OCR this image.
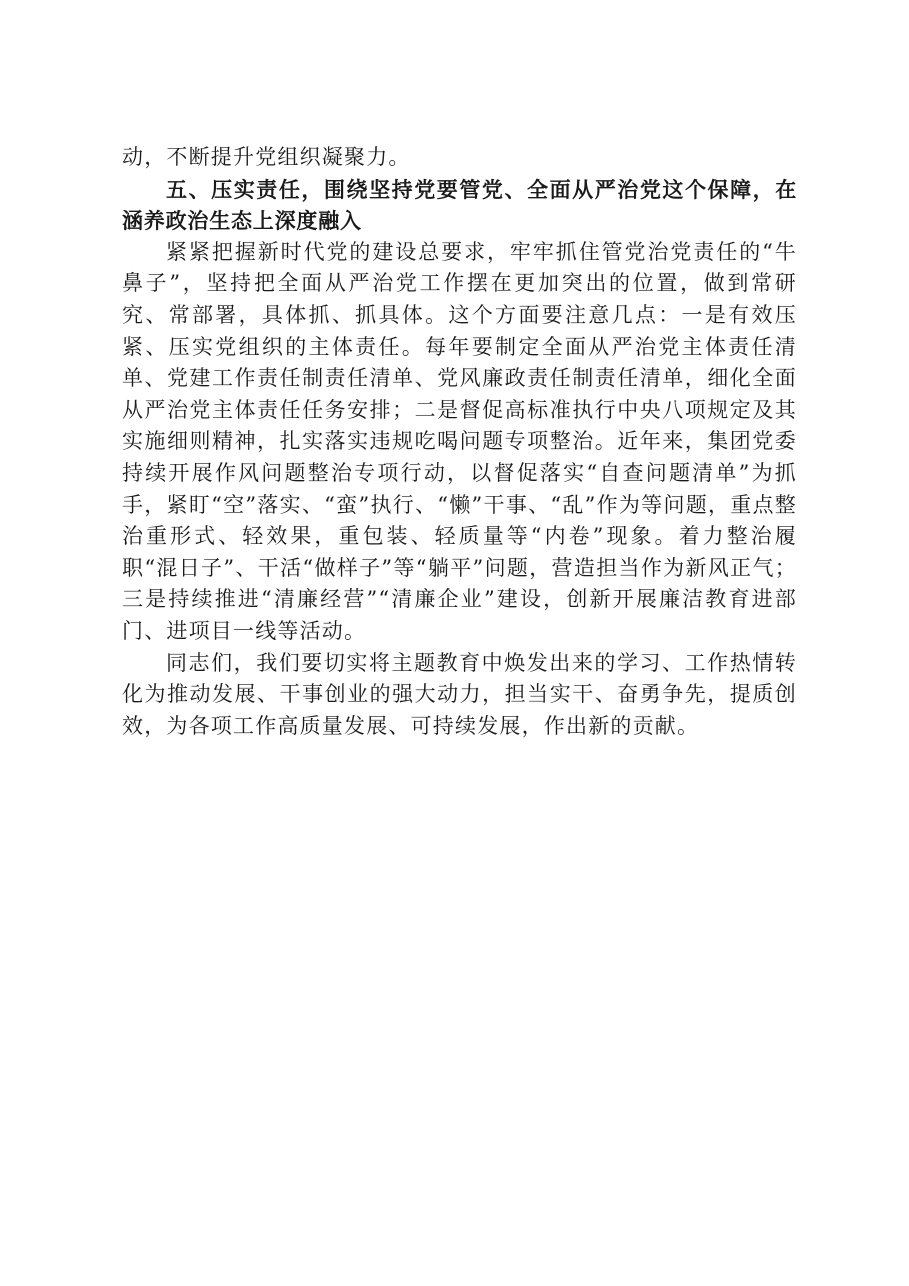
动，不断提升党组织凝聚力。

五、压实责任，围绕坚持党要管党、全面从严治党这个保障，在涵养政治生态上深度融入

紧紧把握新时代党的建设总要求，牢牢抓住管党治党责任的“牛鼻子”，坚持把全面从严治党工作摆在更加突出的位置，做到常研究、常部署，具体抓、抓具体。这个方面要注意几点：一是有效压紧、压实党组织的主体责任。每年要制定全面从严治党主体责任清单、党建工作责任制责任清单、党风廉政责任制责任清单，细化全面从严治党主体责任任务安排；二是督促高标准执行中央八项规定及其实施细则精神，扎实落实违规吃喝问题专项整治。近年来，集团党委持续开展作风问题整治专项行动，以督促落实“自查问题清单”为抓手，紧盯“空”落实、“蛮”执行、“懒”干事、“乱”作为等问题，重点整治重形式、轻效果，重包装、轻质量等“内卷”现象。着力整治履职“混日子”、干活“做样子”等“躺平”问题，营造担当作为新风正气；三是持续推进“清廉经营”“清廉企业”建设，创新开展廉洁教育进部门、进项目一线等活动。

同志们，我们要切实将主题教育中焕发出来的学习、工作热情转化为推动发展、干事创业的强大动力，担当实干、奋勇争先，提质创效，为各项工作高质量发展、可持续发展，作出新的贡献。
